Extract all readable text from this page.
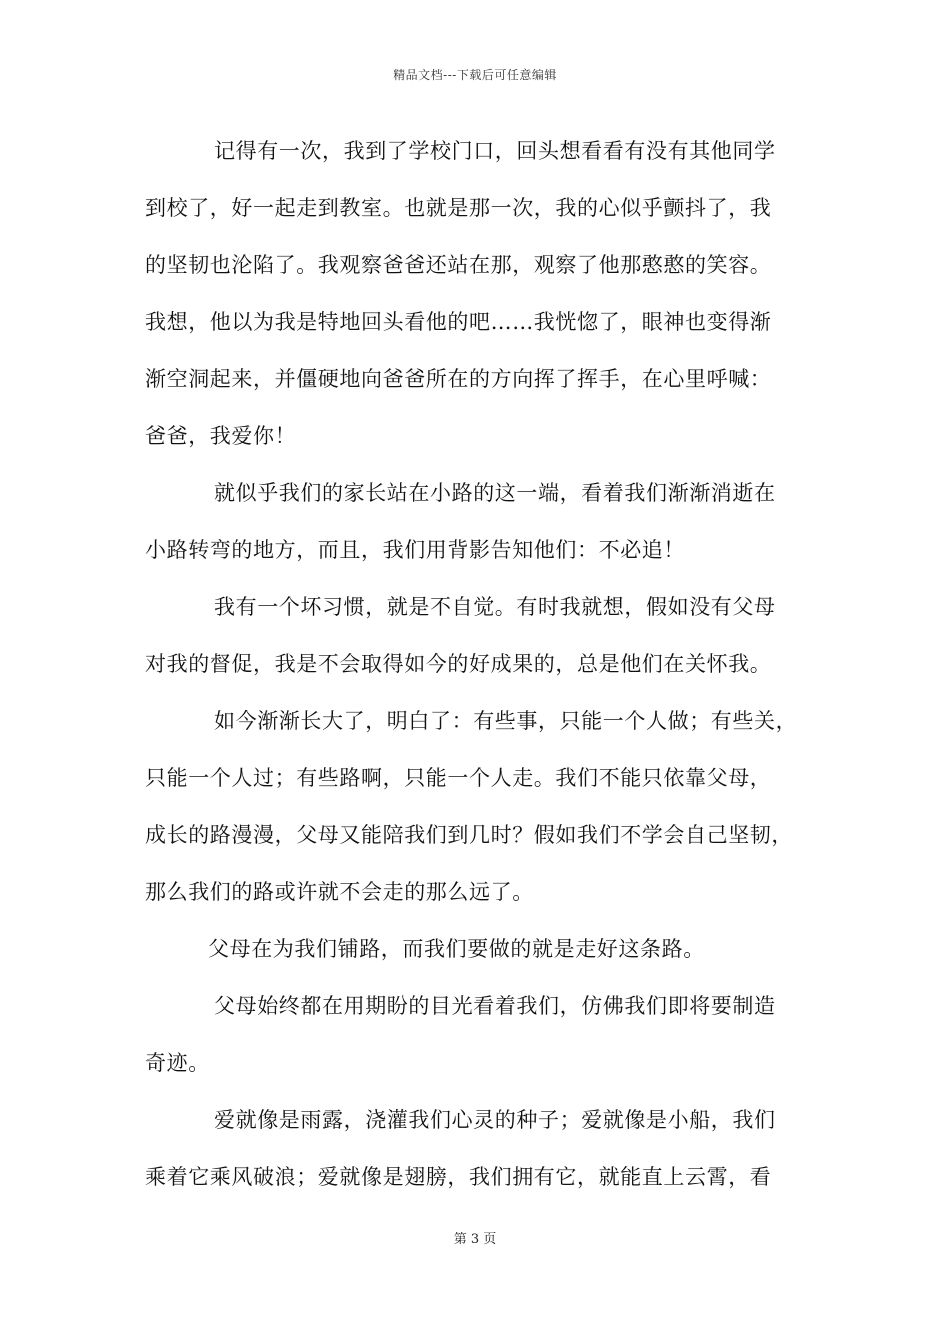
精品文档---下载后可任意编辑
记得有一次，我到了学校门口，回头想看看有没有其他同学
到校了，好一起走到教室。也就是那一次，我的心似乎颤抖了，我
的坚韧也沦陷了。我观察爸爸还站在那，观察了他那憨憨的笑容。
我想，他以为我是特地回头看他的吧……我恍惚了，眼神也变得渐
渐空洞起来，并僵硬地向爸爸所在的方向挥了挥手，在心里呼喊：
爸爸，我爱你！
就似乎我们的家长站在小路的这一端，看着我们渐渐消逝在
小路转弯的地方，而且，我们用背影告知他们：不必追！
我有一个坏习惯，就是不自觉。有时我就想，假如没有父母
对我的督促，我是不会取得如今的好成果的，总是他们在关怀我。
如今渐渐长大了，明白了：有些事，只能一个人做；有些关，
只能一个人过；有些路啊，只能一个人走。我们不能只依靠父母，
成长的路漫漫，父母又能陪我们到几时？假如我们不学会自己坚韧，
那么我们的路或许就不会走的那么远了。
父母在为我们铺路，而我们要做的就是走好这条路。
父母始终都在用期盼的目光看着我们，仿佛我们即将要制造
奇迹。
爱就像是雨露，浇灌我们心灵的种子；爱就像是小船，我们
乘着它乘风破浪；爱就像是翅膀，我们拥有它，就能直上云霄，看
第 3 页
